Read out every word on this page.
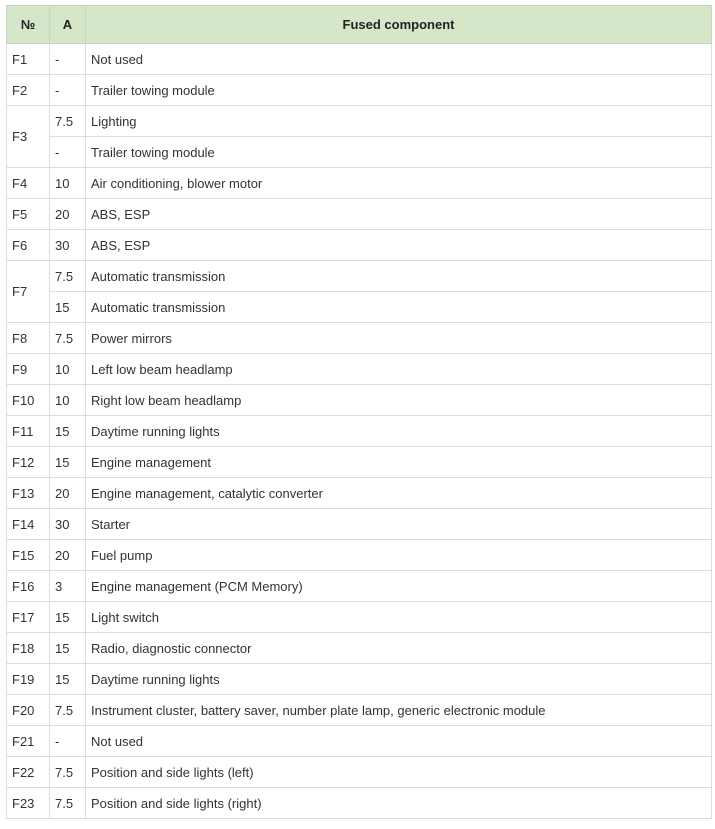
№	A	Fused component
F1	-	Not used
F2	-	Trailer towing module
F3	7.5	Lighting
	-	Trailer towing module
F4	10	Air conditioning, blower motor
F5	20	ABS, ESP
F6	30	ABS, ESP
F7	7.5	Automatic transmission
	15	Automatic transmission
F8	7.5	Power mirrors
F9	10	Left low beam headlamp
F10	10	Right low beam headlamp
F11	15	Daytime running lights
F12	15	Engine management
F13	20	Engine management, catalytic converter
F14	30	Starter
F15	20	Fuel pump
F16	3	Engine management (PCM Memory)
F17	15	Light switch
F18	15	Radio, diagnostic connector
F19	15	Daytime running lights
F20	7.5	Instrument cluster, battery saver, number plate lamp, generic electronic module
F21	-	Not used
F22	7.5	Position and side lights (left)
F23	7.5	Position and side lights (right)
